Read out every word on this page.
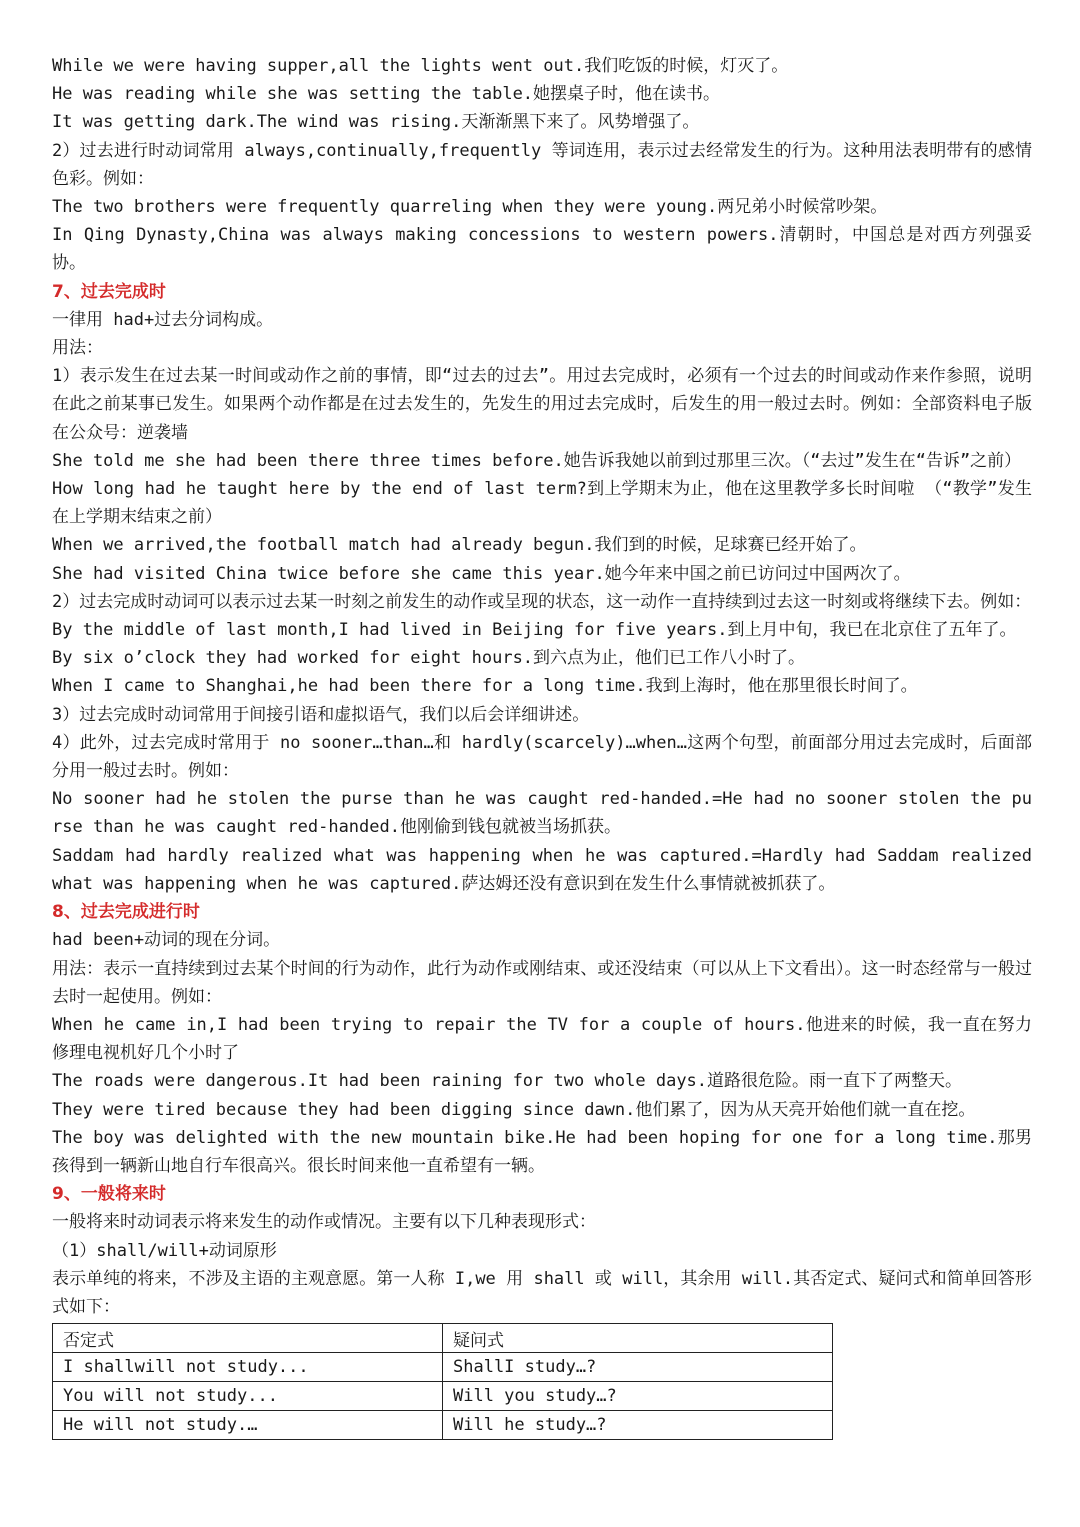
While we were having supper,all the lights went out.我们吃饭的时候，灯灭了。

He was reading while she was setting the table.她摆桌子时，他在读书。

It was getting dark.The wind was rising.天渐渐黑下来了。风势增强了。

2）过去进行时动词常用 always,continually,frequently 等词连用，表示过去经常发生的行为。这种用法表明带有的感情色彩。例如：

The two brothers were frequently quarreling when they were young.两兄弟小时候常吵架。

In Qing Dynasty,China was always making concessions to western powers.清朝时，中国总是对西方列强妥协。

7、过去完成时

一律用 had+过去分词构成。

用法：

1）表示发生在过去某一时间或动作之前的事情，即“过去的过去”。用过去完成时，必须有一个过去的时间或动作来作参照，说明在此之前某事已发生。如果两个动作都是在过去发生的，先发生的用过去完成时，后发生的用一般过去时。例如：全部资料电子版在公众号：逆袭墙

She told me she had been there three times before.她告诉我她以前到过那里三次。（“去过”发生在“告诉”之前）

How long had he taught here by the end of last term?到上学期末为止，他在这里教学多长时间啦 （“教学”发生在上学期末结束之前）

When we arrived,the football match had already begun.我们到的时候，足球赛已经开始了。

She had visited China twice before she came this year.她今年来中国之前已访问过中国两次了。

2）过去完成时动词可以表示过去某一时刻之前发生的动作或呈现的状态，这一动作一直持续到过去这一时刻或将继续下去。例如：

By the middle of last month,I had lived in Beijing for five years.到上月中旬，我已在北京住了五年了。

By six o’clock they had worked for eight hours.到六点为止，他们已工作八小时了。

When I came to Shanghai,he had been there for a long time.我到上海时，他在那里很长时间了。

3）过去完成时动词常用于间接引语和虚拟语气，我们以后会详细讲述。

4）此外，过去完成时常用于 no sooner…than…和 hardly(scarcely)…when…这两个句型，前面部分用过去完成时，后面部分用一般过去时。例如：

No sooner had he stolen the purse than he was caught red-handed.=He had no sooner stolen the purse than he was caught red-handed.他刚偷到钱包就被当场抓获。

Saddam had hardly realized what was happening when he was captured.=Hardly had Saddam realized what was happening when he was captured.萨达姆还没有意识到在发生什么事情就被抓获了。

8、过去完成进行时

had been+动词的现在分词。

用法：表示一直持续到过去某个时间的行为动作，此行为动作或刚结束、或还没结束（可以从上下文看出）。这一时态经常与一般过去时一起使用。例如：

When he came in,I had been trying to repair the TV for a couple of hours.他进来的时候，我一直在努力修理电视机好几个小时了

The roads were dangerous.It had been raining for two whole days.道路很危险。雨一直下了两整天。

They were tired because they had been digging since dawn.他们累了，因为从天亮开始他们就一直在挖。

The boy was delighted with the new mountain bike.He had been hoping for one for a long time.那男孩得到一辆新山地自行车很高兴。很长时间来他一直希望有一辆。

9、一般将来时

一般将来时动词表示将来发生的动作或情况。主要有以下几种表现形式：

（1）shall/will+动词原形

表示单纯的将来，不涉及主语的主观意愿。第一人称 I,we 用 shall 或 will，其余用 will.其否定式、疑问式和简单回答形式如下：

否定式	疑问式
I shallwill not study...	ShallI study…?
You will not study...	Will you study…?
He will not study.…	Will he study…?
